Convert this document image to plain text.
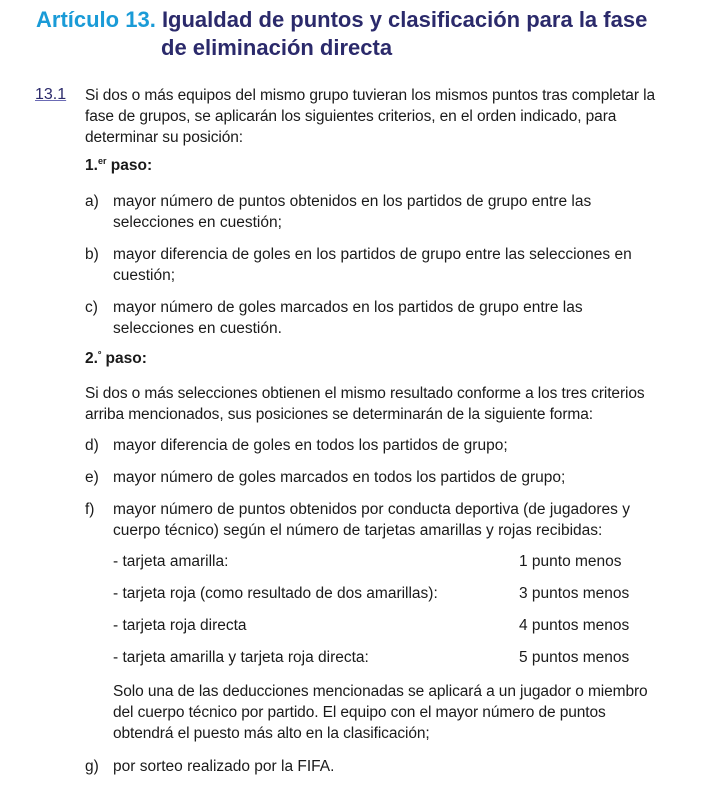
Artículo 13. Igualdad de puntos y clasificación para la fase
de eliminación directa
13.1 Si dos o más equipos del mismo grupo tuvieran los mismos puntos tras completar la fase de grupos, se aplicarán los siguientes criterios, en el orden indicado, para determinar su posición:
1.$^{er}$ paso:
a) mayor número de puntos obtenidos en los partidos de grupo entre las selecciones en cuestión;
b) mayor diferencia de goles en los partidos de grupo entre las selecciones en cuestión;
c) mayor número de goles marcados en los partidos de grupo entre las selecciones en cuestión.
2.$^º$ paso:
Si dos o más selecciones obtienen el mismo resultado conforme a los tres criterios arriba mencionados, sus posiciones se determinarán de la siguiente forma:
d) mayor diferencia de goles en todos los partidos de grupo;
e) mayor número de goles marcados en todos los partidos de grupo;
f) mayor número de puntos obtenidos por conducta deportiva (de jugadores y cuerpo técnico) según el número de tarjetas amarillas y rojas recibidas:
- tarjeta amarilla:	1 punto menos
- tarjeta roja (como resultado de dos amarillas):	3 puntos menos
- tarjeta roja directa	4 puntos menos
- tarjeta amarilla y tarjeta roja directa:	5 puntos menos
Solo una de las deducciones mencionadas se aplicará a un jugador o miembro del cuerpo técnico por partido. El equipo con el mayor número de puntos obtendrá el puesto más alto en la clasificación;
g) por sorteo realizado por la FIFA.
